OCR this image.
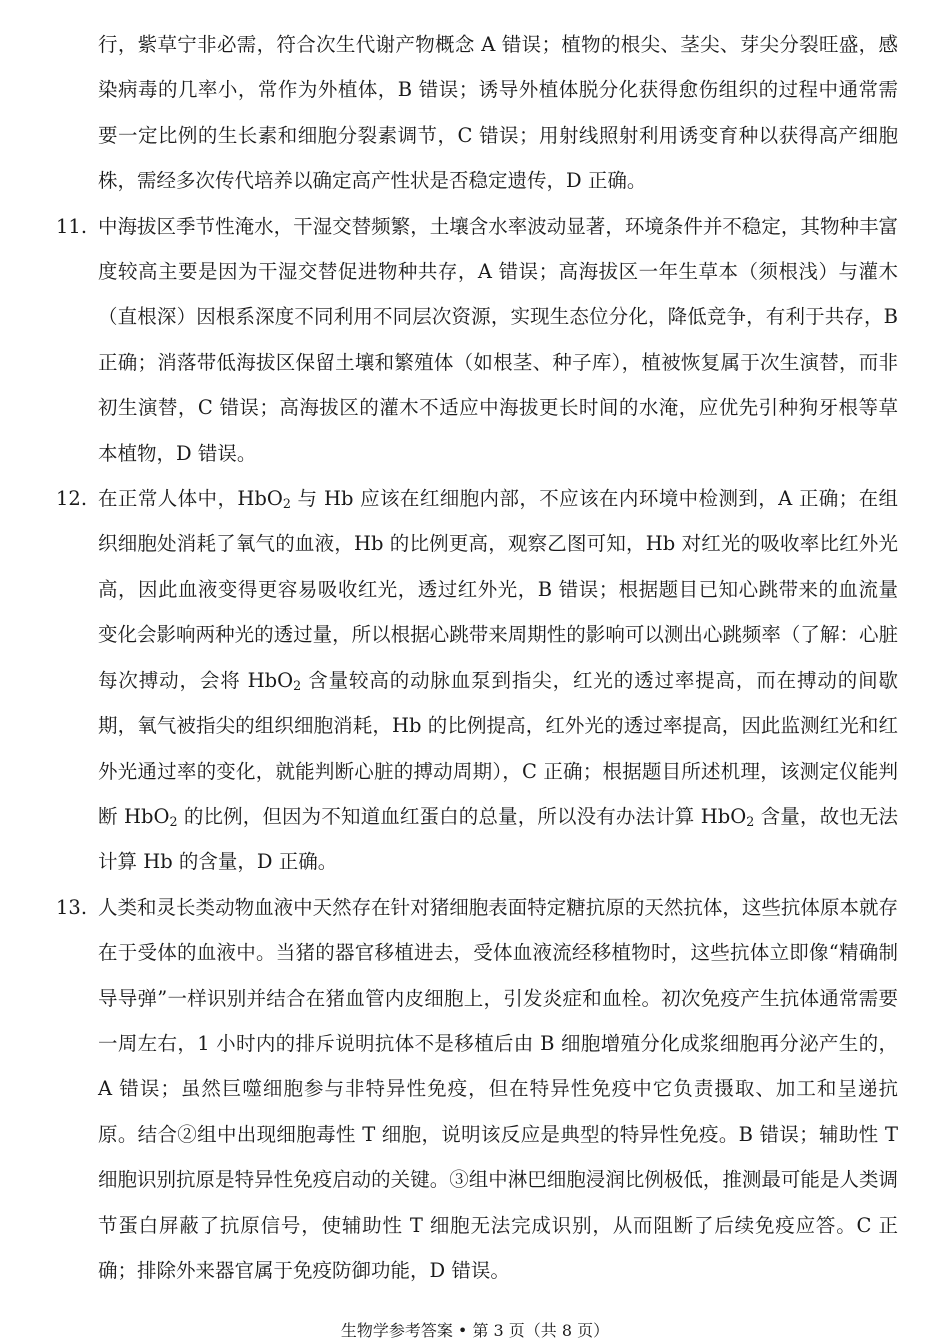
行，紫草宁非必需，符合次生代谢产物概念 A 错误；植物的根尖、茎尖、芽尖分裂旺盛，感染病毒的几率小，常作为外植体，B 错误；诱导外植体脱分化获得愈伤组织的过程中通常需要一定比例的生长素和细胞分裂素调节，C 错误；用射线照射利用诱变育种以获得高产细胞株，需经多次传代培养以确定高产性状是否稳定遗传，D 正确。

11. 中海拔区季节性淹水，干湿交替频繁，土壤含水率波动显著，环境条件并不稳定，其物种丰富度较高主要是因为干湿交替促进物种共存，A 错误；高海拔区一年生草本（须根浅）与灌木（直根深）因根系深度不同利用不同层次资源，实现生态位分化，降低竞争，有利于共存，B 正确；消落带低海拔区保留土壤和繁殖体（如根茎、种子库），植被恢复属于次生演替，而非初生演替，C 错误；高海拔区的灌木不适应中海拔更长时间的水淹，应优先引种狗牙根等草本植物，D 错误。
12. 在正常人体中，HbO$_2$ 与 Hb 应该在红细胞内部，不应该在内环境中检测到，A 正确；在组织细胞处消耗了氧气的血液，Hb 的比例更高，观察乙图可知，Hb 对红光的吸收率比红外光高，因此血液变得更容易吸收红光，透过红外光，B 错误；根据题目已知心跳带来的血流量变化会影响两种光的透过量，所以根据心跳带来周期性的影响可以测出心跳频率（了解：心脏每次搏动，会将 HbO$_2$ 含量较高的动脉血泵到指尖，红光的透过率提高，而在搏动的间歇期，氧气被指尖的组织细胞消耗，Hb 的比例提高，红外光的透过率提高，因此监测红光和红外光通过率的变化，就能判断心脏的搏动周期），C 正确；根据题目所述机理，该测定仪能判断 HbO$_2$ 的比例，但因为不知道血红蛋白的总量，所以没有办法计算 HbO$_2$ 含量，故也无法计算 Hb 的含量，D 正确。
13. 人类和灵长类动物血液中天然存在针对猪细胞表面特定糖抗原的天然抗体，这些抗体原本就存在于受体的血液中。当猪的器官移植进去，受体血液流经移植物时，这些抗体立即像“精确制导导弹”一样识别并结合在猪血管内皮细胞上，引发炎症和血栓。初次免疫产生抗体通常需要一周左右，1 小时内的排斥说明抗体不是移植后由 B 细胞增殖分化成浆细胞再分泌产生的，A 错误；虽然巨噬细胞参与非特异性免疫，但在特异性免疫中它负责摄取、加工和呈递抗原。结合②组中出现细胞毒性 T 细胞，说明该反应是典型的特异性免疫。B 错误；辅助性 T 细胞识别抗原是特异性免疫启动的关键。③组中淋巴细胞浸润比例极低，推测最可能是人类调节蛋白屏蔽了抗原信号，使辅助性 T 细胞无法完成识别，从而阻断了后续免疫应答。C 正确；排除外来器官属于免疫防御功能，D 错误。
生物学参考答案 • 第 3 页（共 8 页）
